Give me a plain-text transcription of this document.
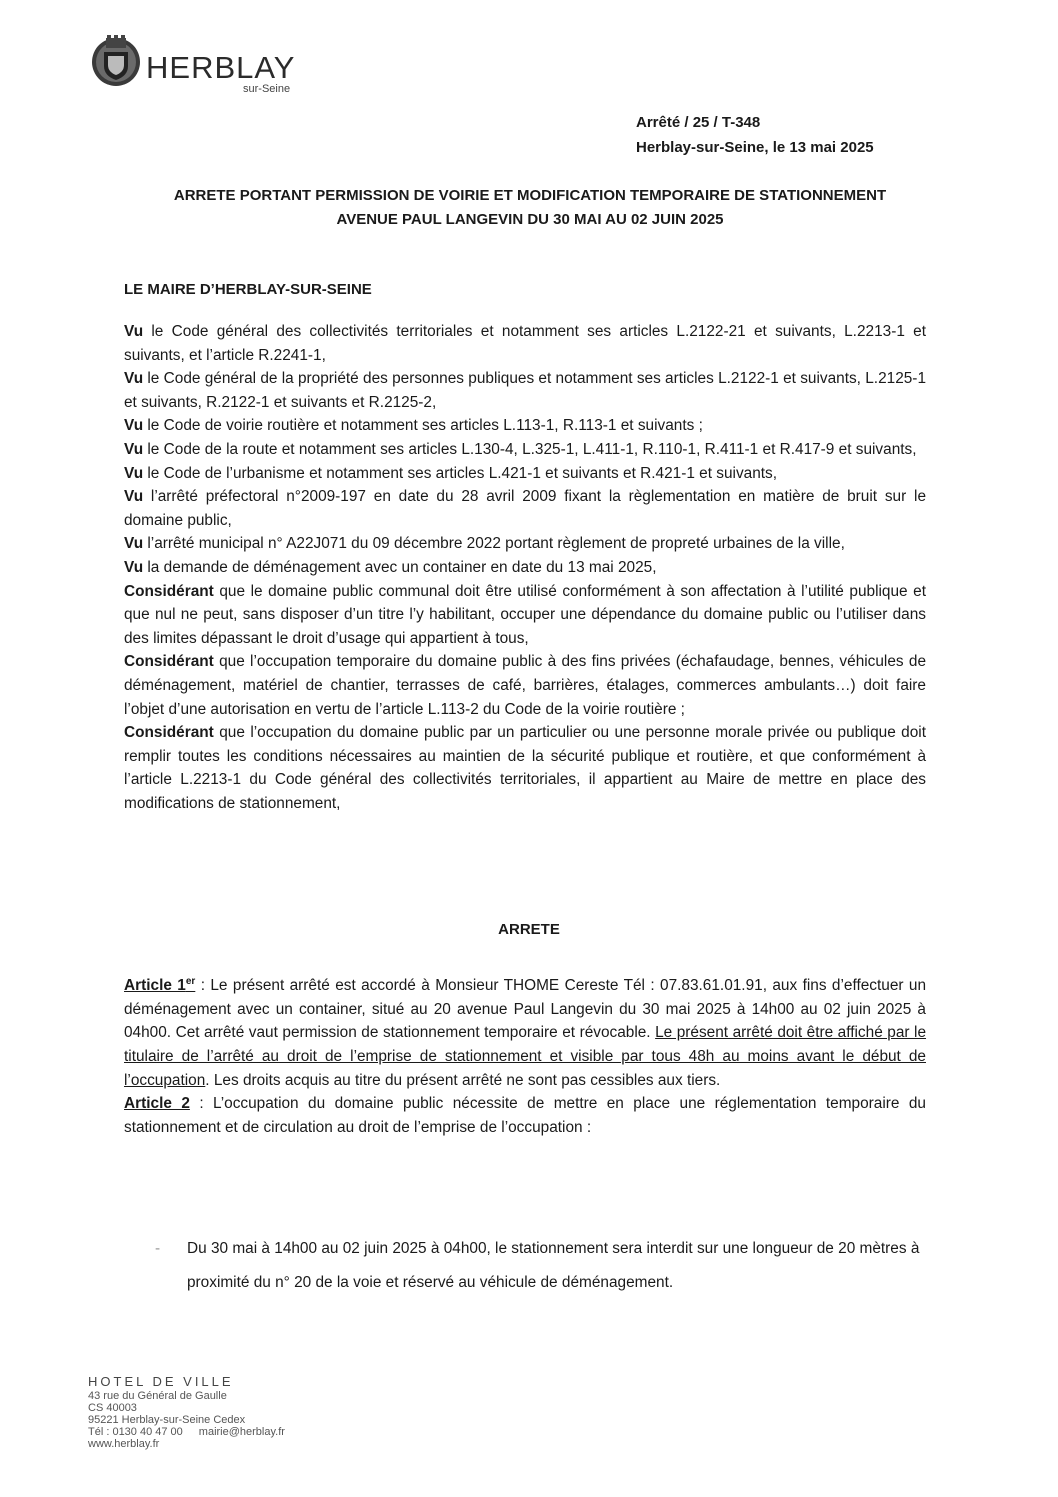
HERBLAY
sur-Seine
Arrêté / 25 / T-348
Herblay-sur-Seine, le 13 mai 2025
ARRETE PORTANT PERMISSION DE VOIRIE ET MODIFICATION TEMPORAIRE DE STATIONNEMENT
AVENUE PAUL LANGEVIN DU 30 MAI AU 02 JUIN 2025
LE MAIRE D’HERBLAY-SUR-SEINE

Vu le Code général des collectivités territoriales et notamment ses articles L.2122-21 et suivants, L.2213-1 et suivants, et l’article R.2241-1,

Vu le Code général de la propriété des personnes publiques et notamment ses articles L.2122-1 et suivants, L.2125-1 et suivants, R.2122-1 et suivants et R.2125-2,

Vu le Code de voirie routière et notamment ses articles L.113-1, R.113-1 et suivants ;

Vu le Code de la route et notamment ses articles L.130-4, L.325-1, L.411-1, R.110-1, R.411-1 et R.417-9 et suivants,

Vu le Code de l’urbanisme et notamment ses articles L.421-1 et suivants et R.421-1 et suivants,

Vu l’arrêté préfectoral n°2009-197 en date du 28 avril 2009 fixant la règlementation en matière de bruit sur le domaine public,

Vu l’arrêté municipal n° A22J071 du 09 décembre 2022 portant règlement de propreté urbaines de la ville,

Vu la demande de déménagement avec un container en date du 13 mai 2025,

Considérant que le domaine public communal doit être utilisé conformément à son affectation à l’utilité publique et que nul ne peut, sans disposer d’un titre l’y habilitant, occuper une dépendance du domaine public ou l’utiliser dans des limites dépassant le droit d’usage qui appartient à tous,

Considérant que l’occupation temporaire du domaine public à des fins privées (échafaudage, bennes, véhicules de déménagement, matériel de chantier, terrasses de café, barrières, étalages, commerces ambulants…) doit faire l’objet d’une autorisation en vertu de l’article L.113-2 du Code de la voirie routière ;

Considérant que l’occupation du domaine public par un particulier ou une personne morale privée ou publique doit remplir toutes les conditions nécessaires au maintien de la sécurité publique et routière, et que conformément à l’article L.2213-1 du Code général des collectivités territoriales, il appartient au Maire de mettre en place des modifications de stationnement,

ARRETE

Article 1er : Le présent arrêté est accordé à Monsieur THOME Cereste Tél : 07.83.61.01.91, aux fins d’effectuer un déménagement avec un container, situé au 20 avenue Paul Langevin du 30 mai 2025 à 14h00 au 02 juin 2025 à 04h00. Cet arrêté vaut permission de stationnement temporaire et révocable. Le présent arrêté doit être affiché par le titulaire de l’arrêté au droit de l’emprise de stationnement et visible par tous 48h au moins avant le début de l’occupation. Les droits acquis au titre du présent arrêté ne sont pas cessibles aux tiers.

Article 2 : L’occupation du domaine public nécessite de mettre en place une réglementation temporaire du stationnement et de circulation au droit de l’emprise de l’occupation :

- Du 30 mai à 14h00 au 02 juin 2025 à 04h00, le stationnement sera interdit sur une longueur de 20 mètres à proximité du n° 20 de la voie et réservé au véhicule de déménagement.
HOTEL DE VILLE
43 rue du Général de Gaulle
CS 40003
95221 Herblay-sur-Seine Cedex
Tél : 0130 40 47 00 mairie@herblay.fr
www.herblay.fr
